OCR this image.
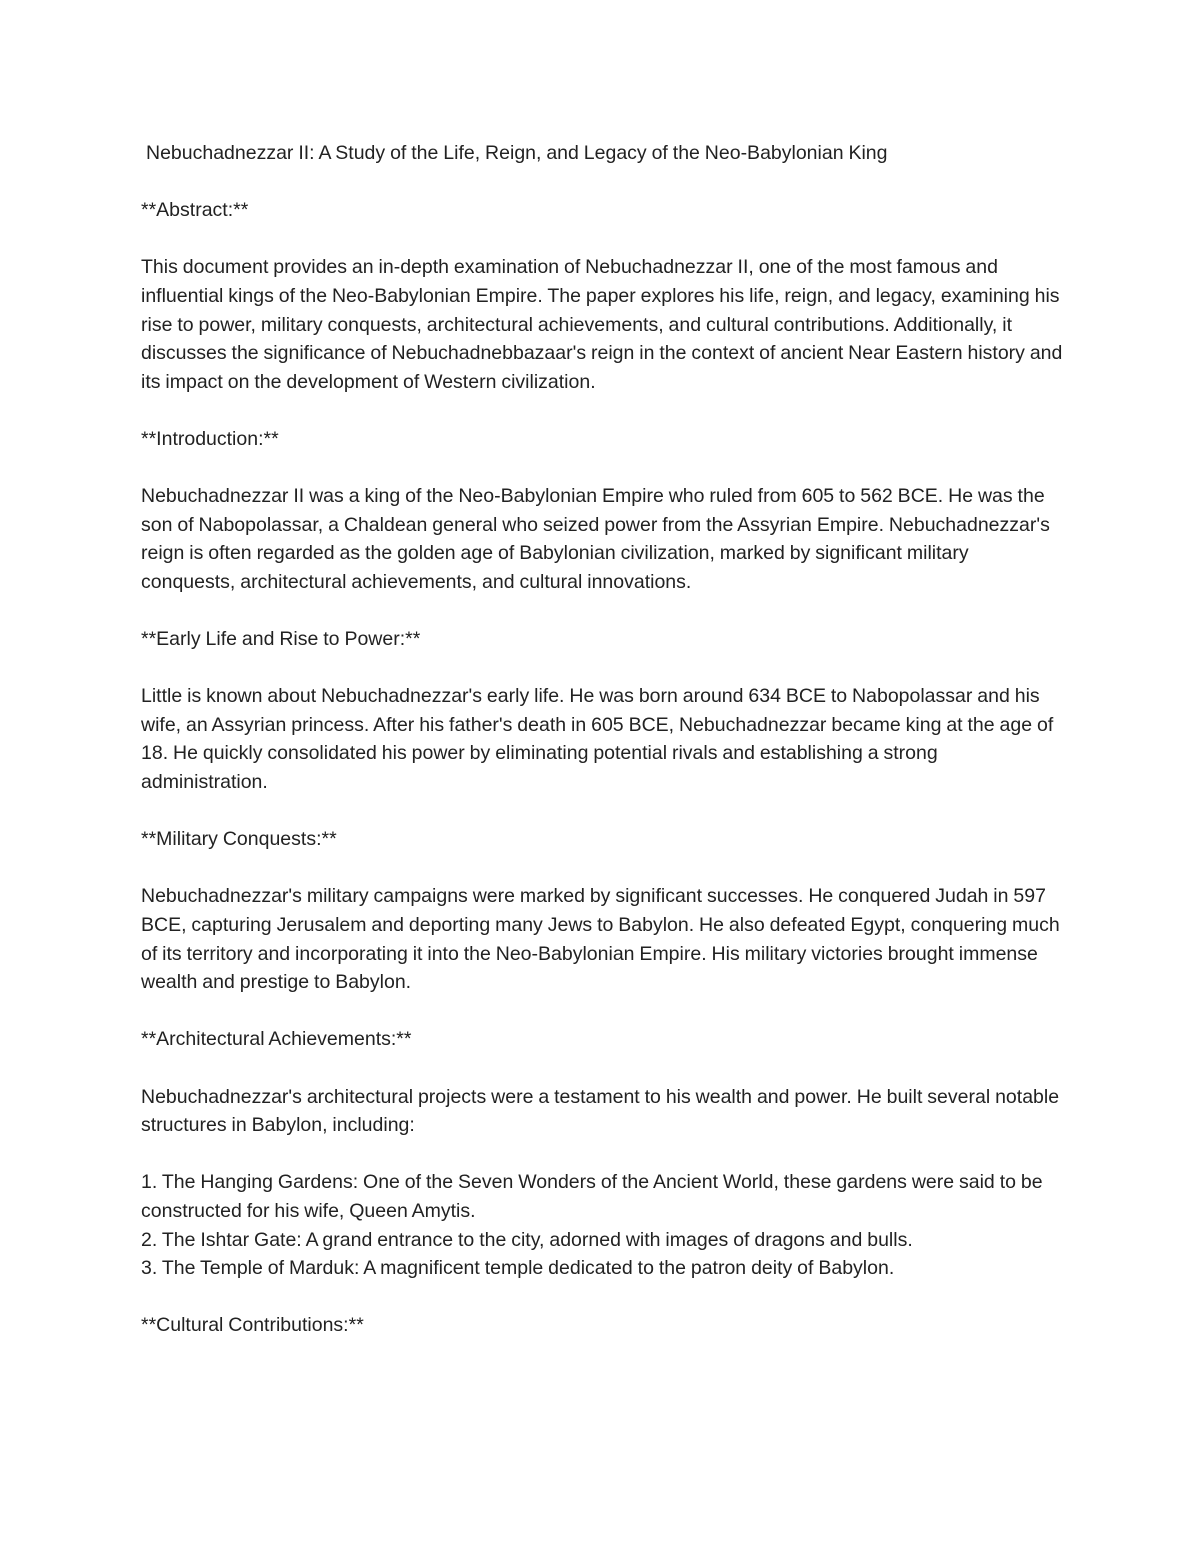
Nebuchadnezzar II: A Study of the Life, Reign, and Legacy of the Neo-Babylonian King

**Abstract:**

This document provides an in-depth examination of Nebuchadnezzar II, one of the most famous and influential kings of the Neo-Babylonian Empire. The paper explores his life, reign, and legacy, examining his rise to power, military conquests, architectural achievements, and cultural contributions. Additionally, it discusses the significance of Nebuchadnebbazaar's reign in the context of ancient Near Eastern history and its impact on the development of Western civilization.

**Introduction:**

Nebuchadnezzar II was a king of the Neo-Babylonian Empire who ruled from 605 to 562 BCE. He was the son of Nabopolassar, a Chaldean general who seized power from the Assyrian Empire. Nebuchadnezzar's reign is often regarded as the golden age of Babylonian civilization, marked by significant military conquests, architectural achievements, and cultural innovations.

**Early Life and Rise to Power:**

Little is known about Nebuchadnezzar's early life. He was born around 634 BCE to Nabopolassar and his wife, an Assyrian princess. After his father's death in 605 BCE, Nebuchadnezzar became king at the age of 18. He quickly consolidated his power by eliminating potential rivals and establishing a strong administration.

**Military Conquests:**

Nebuchadnezzar's military campaigns were marked by significant successes. He conquered Judah in 597 BCE, capturing Jerusalem and deporting many Jews to Babylon. He also defeated Egypt, conquering much of its territory and incorporating it into the Neo-Babylonian Empire. His military victories brought immense wealth and prestige to Babylon.

**Architectural Achievements:**

Nebuchadnezzar's architectural projects were a testament to his wealth and power. He built several notable structures in Babylon, including:

1. The Hanging Gardens: One of the Seven Wonders of the Ancient World, these gardens were said to be constructed for his wife, Queen Amytis.
2. The Ishtar Gate: A grand entrance to the city, adorned with images of dragons and bulls.
3. The Temple of Marduk: A magnificent temple dedicated to the patron deity of Babylon.

**Cultural Contributions:**
